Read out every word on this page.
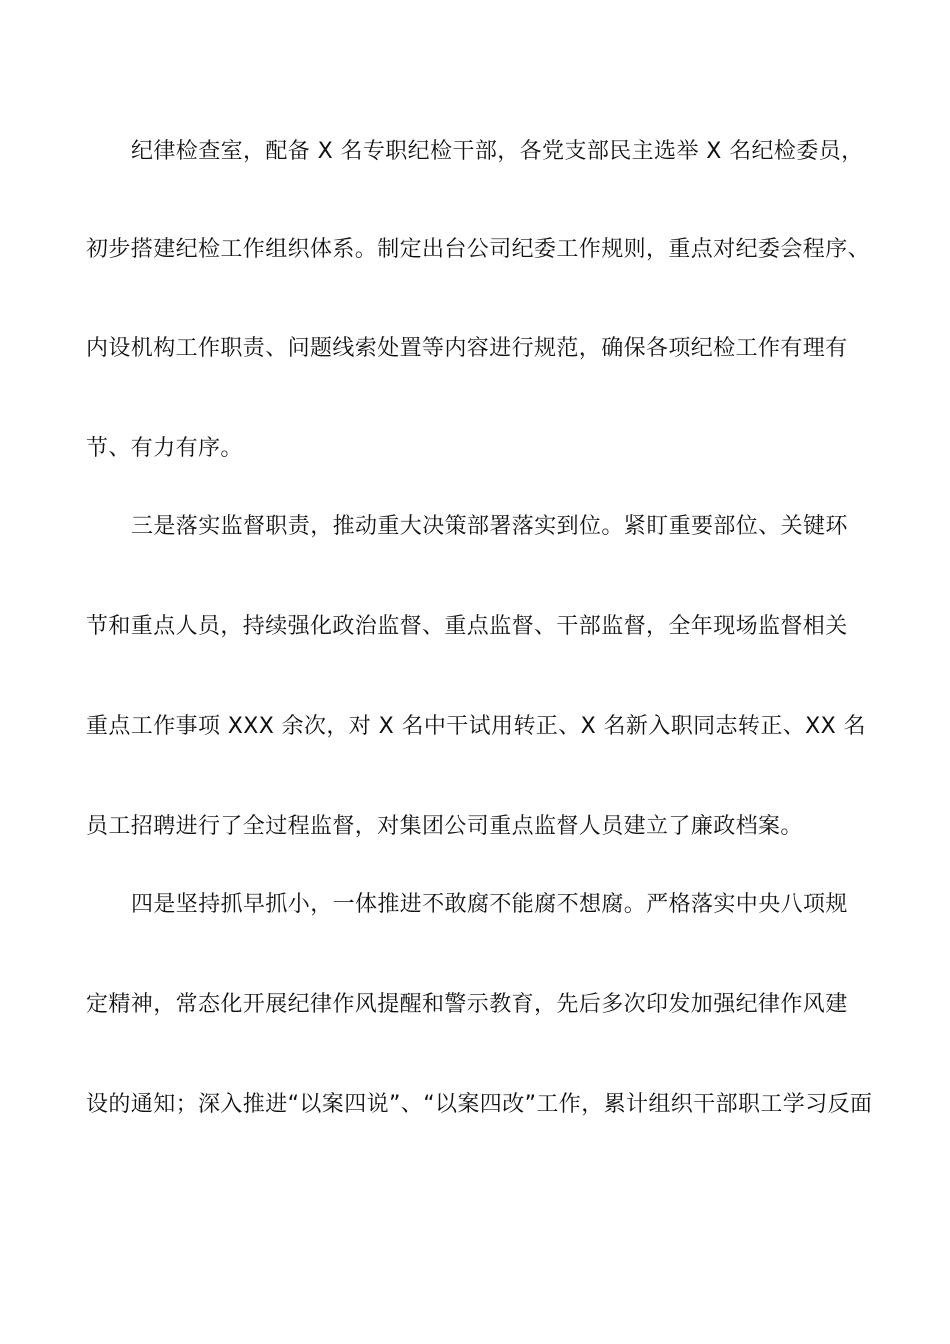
纪律检查室，配备 X 名专职纪检干部，各党支部民主选举 X 名纪检委员，
初步搭建纪检工作组织体系。制定出台公司纪委工作规则，重点对纪委会程序、
内设机构工作职责、问题线索处置等内容进行规范，确保各项纪检工作有理有
节、有力有序。
三是落实监督职责，推动重大决策部署落实到位。紧盯重要部位、关键环
节和重点人员，持续强化政治监督、重点监督、干部监督，全年现场监督相关
重点工作事项 XXX 余次，对 X 名中干试用转正、X 名新入职同志转正、XX 名
员工招聘进行了全过程监督，对集团公司重点监督人员建立了廉政档案。
四是坚持抓早抓小，一体推进不敢腐不能腐不想腐。严格落实中央八项规
定精神，常态化开展纪律作风提醒和警示教育，先后多次印发加强纪律作风建
设的通知；深入推进“以案四说”、“以案四改”工作，累计组织干部职工学习反面
